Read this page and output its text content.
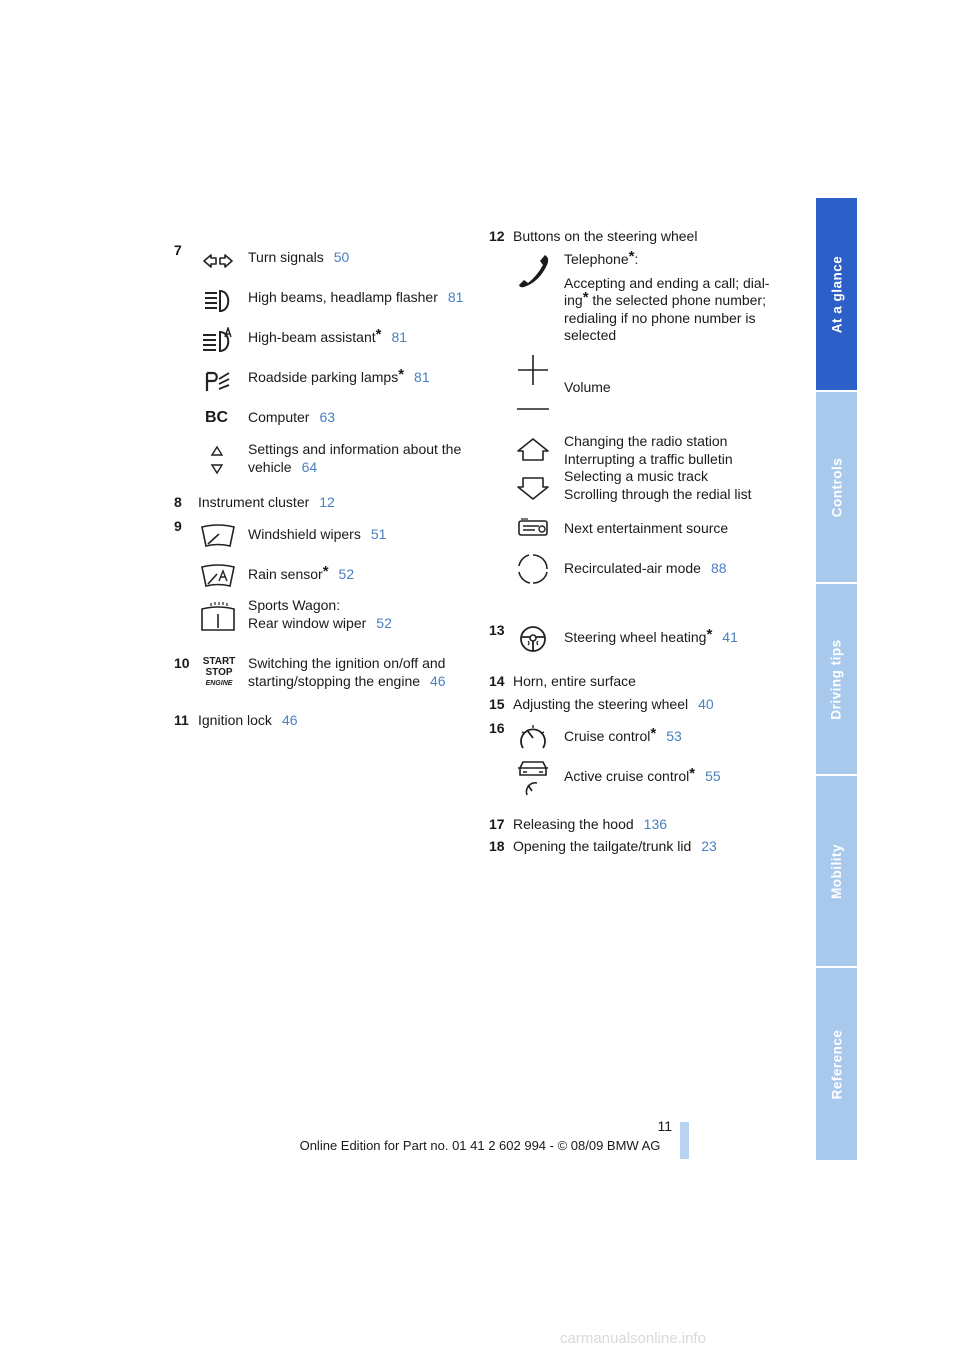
At a glance
Controls
Driving tips
Mobility
Reference
7	Turn signals 50
High beams, headlamp flasher 81
High-beam assistant* 81
Roadside parking lamps* 81
BC Computer 63
Settings and information about the
vehicle 64
8 Instrument cluster 12
9	Windshield wipers 51
Rain sensor* 52
Sports Wagon:
Rear window wiper 52
10 START
STOP
ENGINE
Switching the ignition on/off and
starting/stopping the engine 46
11 Ignition lock 46
12 Buttons on the steering wheel
Telephone*:
Accepting and ending a call; dial-
ing* the selected phone number;
redialing if no phone number is
selected
Volume
Changing the radio station
Interrupting a traffic bulletin
Selecting a music track
Scrolling through the redial list
Next entertainment source
Recirculated-air mode 88
13	Steering wheel heating* 41
14 Horn, entire surface
15 Adjusting the steering wheel 40
16	Cruise control* 53
Active cruise control* 55
17 Releasing the hood 136
18 Opening the tailgate/trunk lid 23
11
Online Edition for Part no. 01 41 2 602 994 - © 08/09 BMW AG
carmanualsonline.info
